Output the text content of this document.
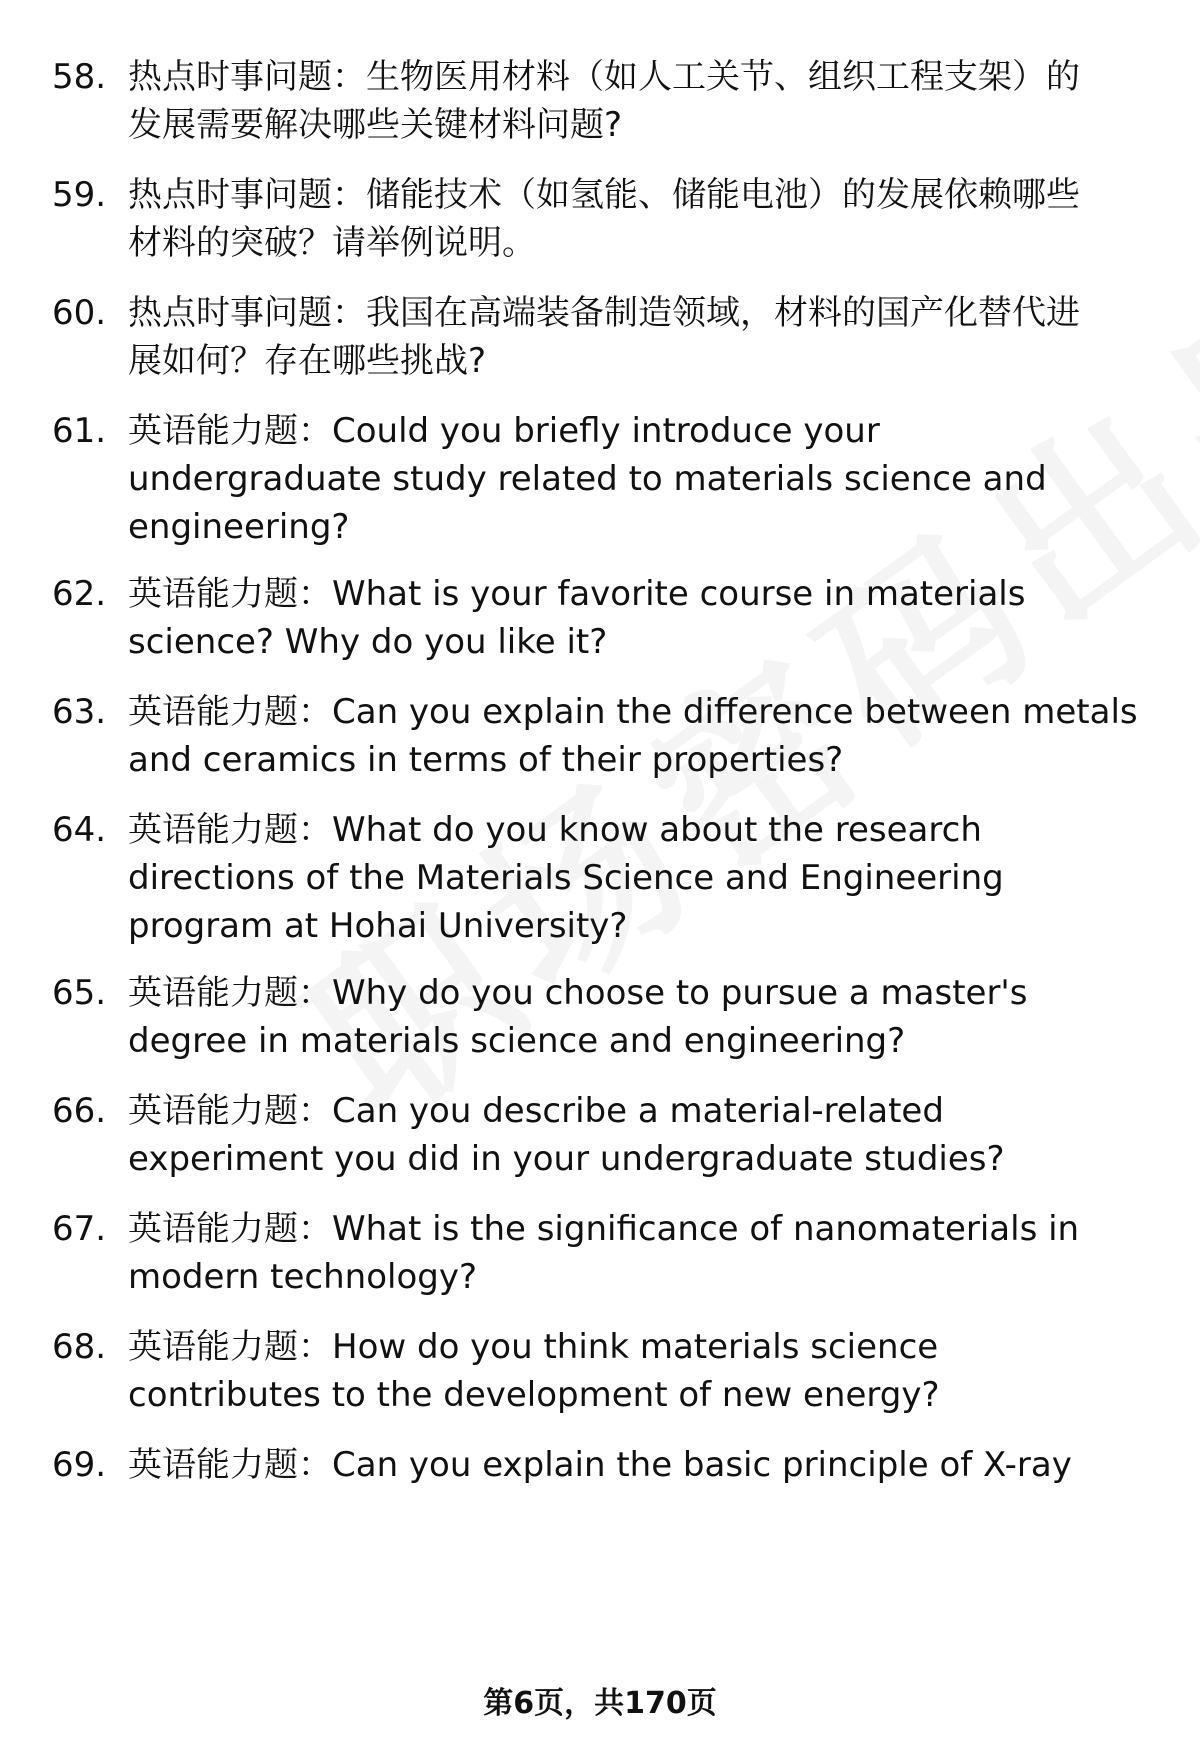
58. 热点时事问题：生物医用材料（如人工关节、组织工程支架）的
发展需要解决哪些关键材料问题?
59. 热点时事问题：储能技术（如氢能、储能电池）的发展依赖哪些
材料的突破？请举例说明。
60. 热点时事问题：我国在高端装备制造领域，材料的国产化替代进
展如何？存在哪些挑战?
61. 英语能力题：Could you briefly introduce your
undergraduate study related to materials science and
engineering?
62. 英语能力题：What is your favorite course in materials
science? Why do you like it?
63. 英语能力题：Can you explain the difference between metals
and ceramics in terms of their properties?
64. 英语能力题：What do you know about the research
directions of the Materials Science and Engineering
program at Hohai University?
65. 英语能力题：Why do you choose to pursue a master's
degree in materials science and engineering?
66. 英语能力题：Can you describe a material-related
experiment you did in your undergraduate studies?
67. 英语能力题：What is the significance of nanomaterials in
modern technology?
68. 英语能力题：How do you think materials science
contributes to the development of new energy?
69. 英语能力题：Can you explain the basic principle of X-ray
第6页，共170页
